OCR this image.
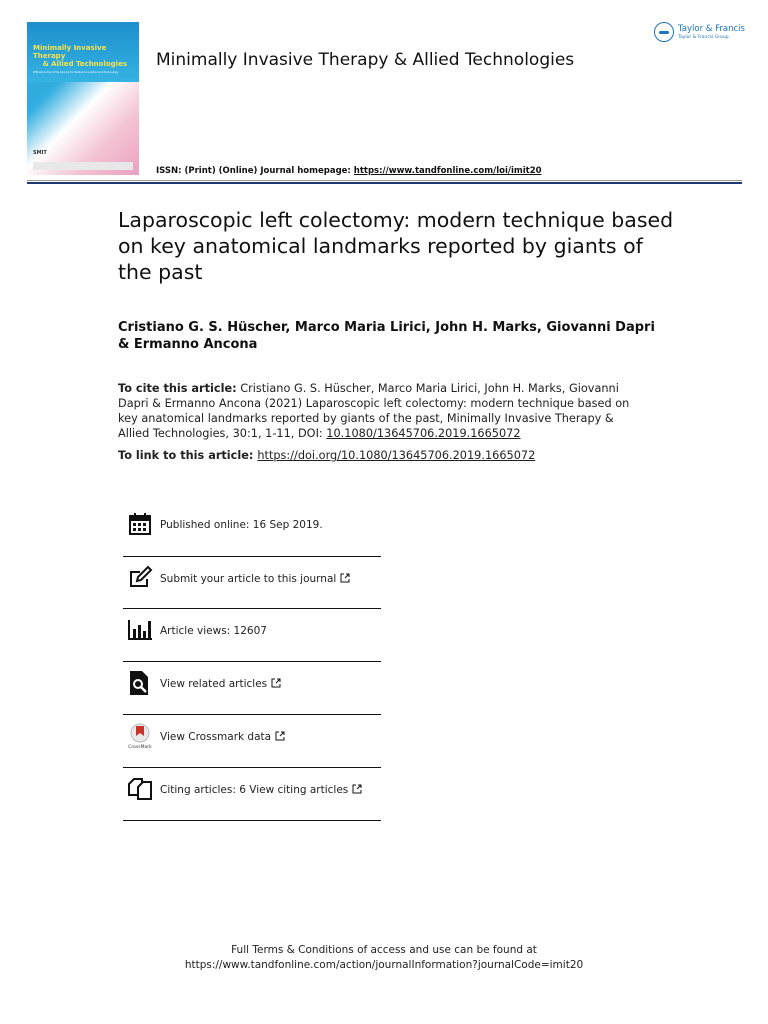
Minimally Invasive Therapy
& Allied Technologies
Official Journal of the Society for Medical Innovation and Technology
SMIT
Minimally Invasive Therapy & Allied Technologies
Taylor & Francis
Taylor & Francis Group
ISSN: (Print) (Online) Journal homepage: https://www.tandfonline.com/loi/imit20
Laparoscopic left colectomy: modern technique based on key anatomical landmarks reported by giants of the past
Cristiano G. S. Hüscher, Marco Maria Lirici, John H. Marks, Giovanni Dapri & Ermanno Ancona
To cite this article: Cristiano G. S. Hüscher, Marco Maria Lirici, John H. Marks, Giovanni Dapri & Ermanno Ancona (2021) Laparoscopic left colectomy: modern technique based on key anatomical landmarks reported by giants of the past, Minimally Invasive Therapy & Allied Technologies, 30:1, 1-11, DOI: 10.1080/13645706.2019.1665072
To link to this article: https://doi.org/10.1080/13645706.2019.1665072
Published online: 16 Sep 2019.
Submit your article to this journal
Article views: 12607
View related articles
CrossMark
View Crossmark data
Citing articles: 6 View citing articles
Full Terms & Conditions of access and use can be found at
https://www.tandfonline.com/action/journalInformation?journalCode=imit20
